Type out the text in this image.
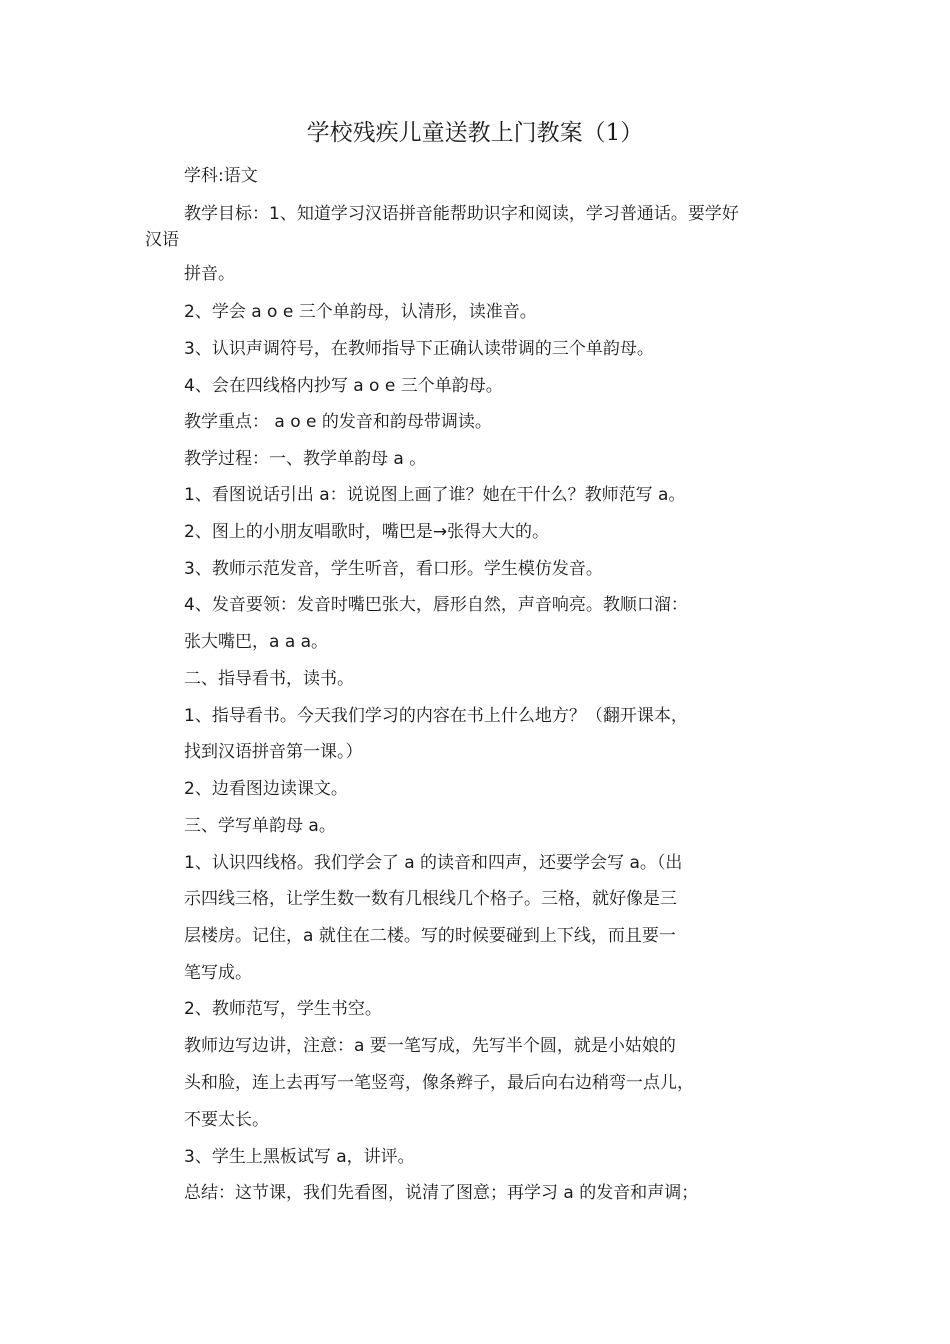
学校残疾儿童送教上门教案（1）
学科:语文
教学目标：1、知道学习汉语拼音能帮助识字和阅读，学习普通话。要学好
汉语
拼音。
2、学会 a o e 三个单韵母，认清形，读准音。
3、认识声调符号，在教师指导下正确认读带调的三个单韵母。
4、会在四线格内抄写 a o e 三个单韵母。
教学重点： a o e 的发音和韵母带调读。
教学过程：一、教学单韵母 a 。
1、看图说话引出 a：说说图上画了谁？她在干什么？教师范写 a。
2、图上的小朋友唱歌时，嘴巴是→张得大大的。
3、教师示范发音，学生听音，看口形。学生模仿发音。
4、发音要领：发音时嘴巴张大，唇形自然，声音响亮。教顺口溜：
张大嘴巴，a a a。
二、指导看书，读书。
1、指导看书。今天我们学习的内容在书上什么地方？（翻开课本，
找到汉语拼音第一课。）
2、边看图边读课文。
三、学写单韵母 a。
1、认识四线格。我们学会了 a 的读音和四声，还要学会写 a。（出
示四线三格，让学生数一数有几根线几个格子。三格，就好像是三
层楼房。记住，a 就住在二楼。写的时候要碰到上下线，而且要一
笔写成。
2、教师范写，学生书空。
教师边写边讲，注意：a 要一笔写成，先写半个圆，就是小姑娘的
头和脸，连上去再写一笔竖弯，像条辫子，最后向右边稍弯一点儿，
不要太长。
3、学生上黑板试写 a，讲评。
总结：这节课，我们先看图，说清了图意；再学习 a 的发音和声调；
